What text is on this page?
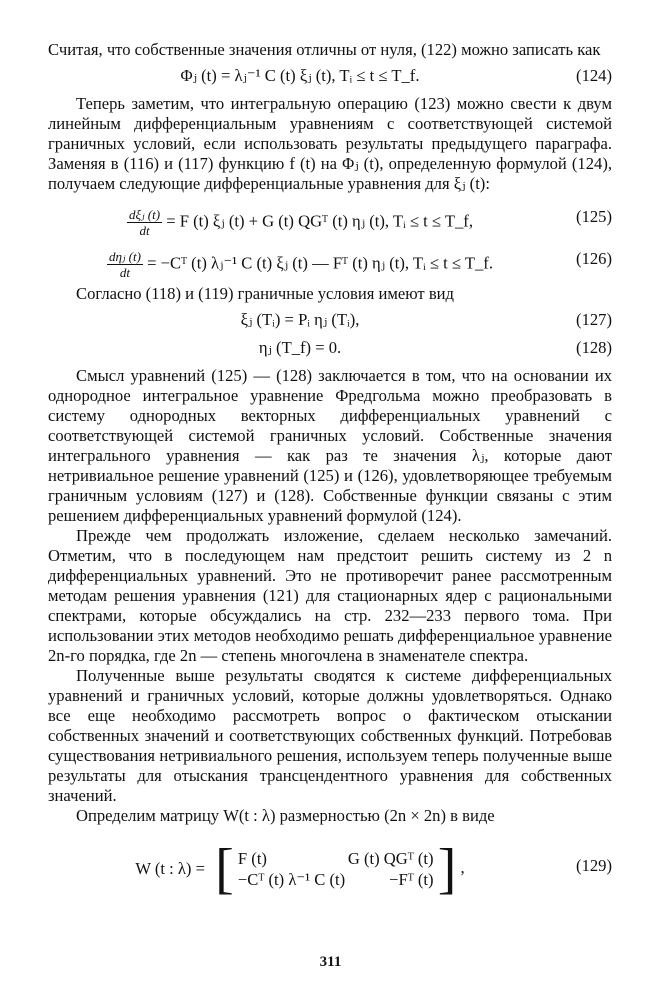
Считая, что собственные значения отличны от нуля, (122) можно записать как

Φⱼ (t) = λⱼ⁻¹ C (t) ξⱼ (t), Tᵢ ≤ t ≤ T_f.	(124)

Теперь заметим, что интегральную операцию (123) можно свести к двум линейным дифференциальным уравнениям с соответствующей системой граничных условий, если использовать результаты предыдущего параграфа. Заменяя в (116) и (117) функцию f (t) на Φⱼ (t), определенную формулой (124), получаем следующие дифференциальные уравнения для ξⱼ (t):

$\frac{\text{dξⱼ (t)}}{dt} = F$ (t) ξⱼ (t) + G (t) QGᵀ (t) ηⱼ (t), Tᵢ ≤ t ≤ T_f,	(125)
$\frac{\text{dηⱼ (t)}}{dt}$ = −Cᵀ (t) λⱼ⁻¹ C (t) ξⱼ (t) — Fᵀ (t) ηⱼ (t), Tᵢ ≤ t ≤ T_f.	(126)

Согласно (118) и (119) граничные условия имеют вид

ξⱼ (Tᵢ) = Pᵢ ηⱼ (Tᵢ),	(127)
ηⱼ (T_f) = 0.	(128)

Смысл уравнений (125) — (128) заключается в том, что на основании их однородное интегральное уравнение Фредгольма можно преобразовать в систему однородных векторных дифференциальных уравнений с соответствующей системой граничных условий. Собственные значения интегрального уравнения — как раз те значения λⱼ, которые дают нетривиальное решение уравнений (125) и (126), удовлетворяющее требуемым граничным условиям (127) и (128). Собственные функции связаны с этим решением дифференциальных уравнений формулой (124).

Прежде чем продолжать изложение, сделаем несколько замечаний. Отметим, что в последующем нам предстоит решить систему из 2 n дифференциальных уравнений. Это не противоречит ранее рассмотренным методам решения уравнения (121) для стационарных ядер с рациональными спектрами, которые обсуждались на стр. 232—233 первого тома. При использовании этих методов необходимо решать дифференциальное уравнение 2n-го порядка, где 2n — степень многочлена в знаменателе спектра.

Полученные выше результаты сводятся к системе дифференциальных уравнений и граничных условий, которые должны удовлетворяться. Однако все еще необходимо рассмотреть вопрос о фактическом отыскании собственных значений и соответствующих собственных функций. Потребовав существования нетривиального решения, используем теперь полученные выше результаты для отыскания трансцендентного уравнения для собственных значений.

Определим матрицу W(t : λ) размерностью (2n × 2n) в виде

W (t : λ) = [ F (t)	G (t) QGᵀ (t)
−Cᵀ (t) λ⁻¹ C (t)	−Fᵀ (t) ] ,	(129)
311
